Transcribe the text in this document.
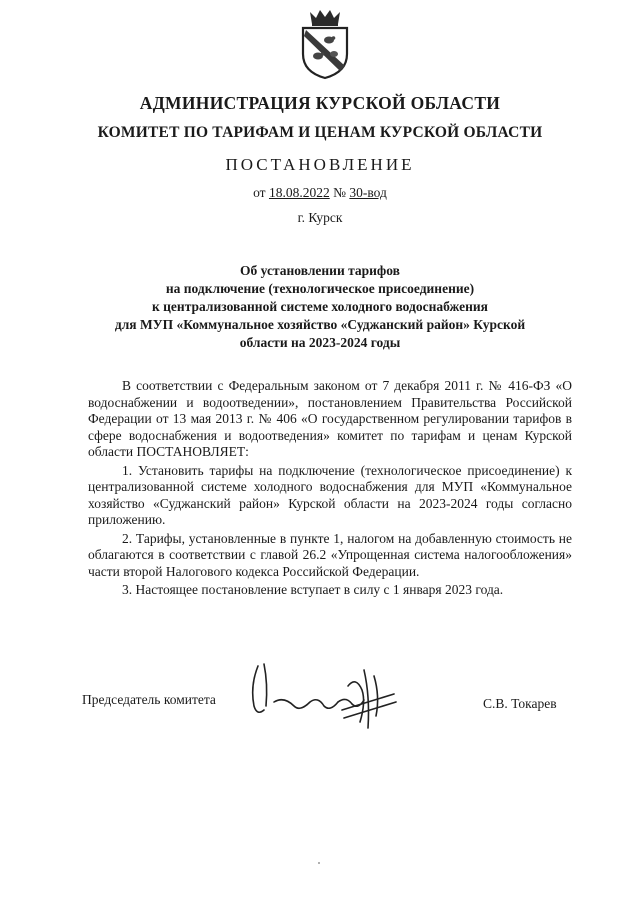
АДМИНИСТРАЦИЯ КУРСКОЙ ОБЛАСТИ
КОМИТЕТ ПО ТАРИФАМ И ЦЕНАМ КУРСКОЙ ОБЛАСТИ
ПОСТАНОВЛЕНИЕ
от 18.08.2022 № 30-вод
г. Курск
Об установлении тарифов
на подключение (технологическое присоединение)
к централизованной системе холодного водоснабжения
для МУП «Коммунальное хозяйство «Суджанский район» Курской
области на 2023-2024 годы

В соответствии с Федеральным законом от 7 декабря 2011 г. № 416-ФЗ «О водоснабжении и водоотведении», постановлением Правительства Российской Федерации от 13 мая 2013 г. № 406 «О государственном регулировании тарифов в сфере водоснабжения и водоотведения» комитет по тарифам и ценам Курской области ПОСТАНОВЛЯЕТ:

1. Установить тарифы на подключение (технологическое присоединение) к централизованной системе холодного водоснабжения для МУП «Коммунальное хозяйство «Суджанский район» Курской области на 2023-2024 годы согласно приложению.

2. Тарифы, установленные в пункте 1, налогом на добавленную стоимость не облагаются в соответствии с главой 26.2 «Упрощенная система налогообложения» части второй Налогового кодекса Российской Федерации.

3. Настоящее постановление вступает в силу с 1 января 2023 года.

Председатель комитета	С.В. Токарев
